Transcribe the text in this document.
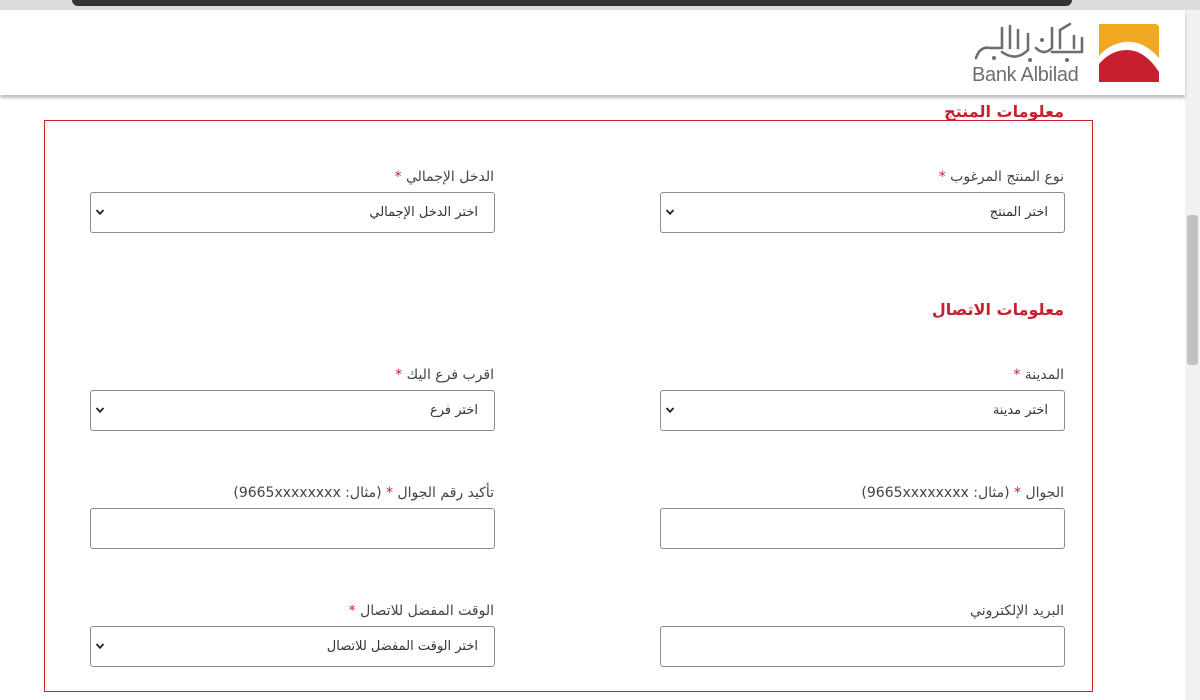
Bank Albilad
معلومات المنتج
نوع المنتج المرغوب *
اختر المنتج
الدخل الإجمالي *
اختر الدخل الإجمالي
معلومات الاتصال
المدينة *
اختر مدينة
اقرب فرع اليك *
اختر فرع
الجوال * (مثال: 9665xxxxxxxx)
تأكيد رقم الجوال * (مثال: 9665xxxxxxxx)
البريد الإلكتروني
الوقت المفضل للاتصال *
اختر الوقت المفضل للاتصال
